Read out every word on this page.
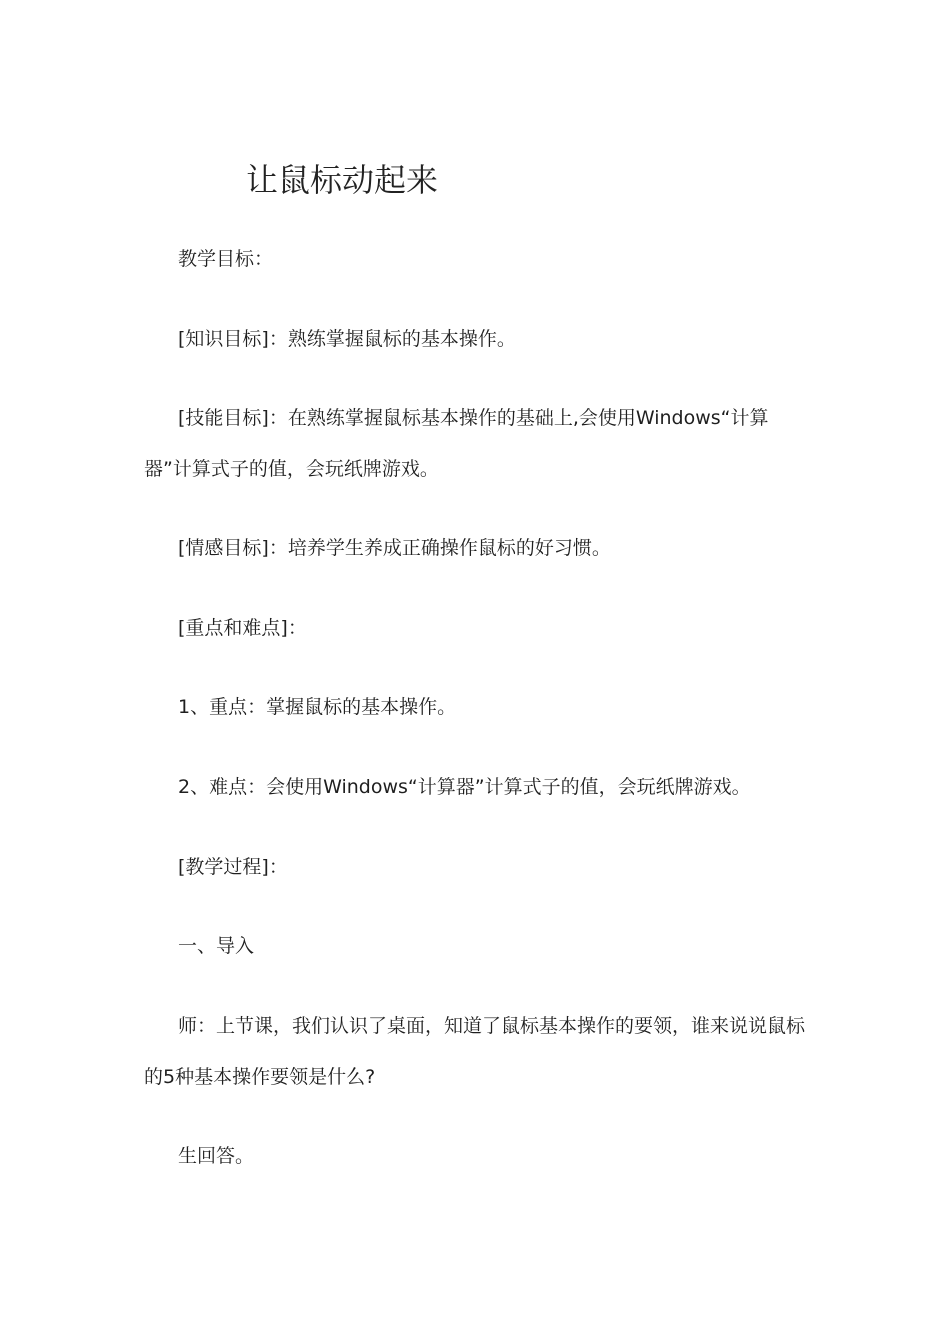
让鼠标动起来
教学目标：
[知识目标]：熟练掌握鼠标的基本操作。
[技能目标]：在熟练掌握鼠标基本操作的基础上,会使用Windows“计算器”计算式子的值，会玩纸牌游戏。
[情感目标]：培养学生养成正确操作鼠标的好习惯。
[重点和难点]：
1、重点：掌握鼠标的基本操作。
2、难点：会使用Windows“计算器”计算式子的值，会玩纸牌游戏。
[教学过程]：
一、导入
师：上节课，我们认识了桌面，知道了鼠标基本操作的要领，谁来说说鼠标的5种基本操作要领是什么?
生回答。
